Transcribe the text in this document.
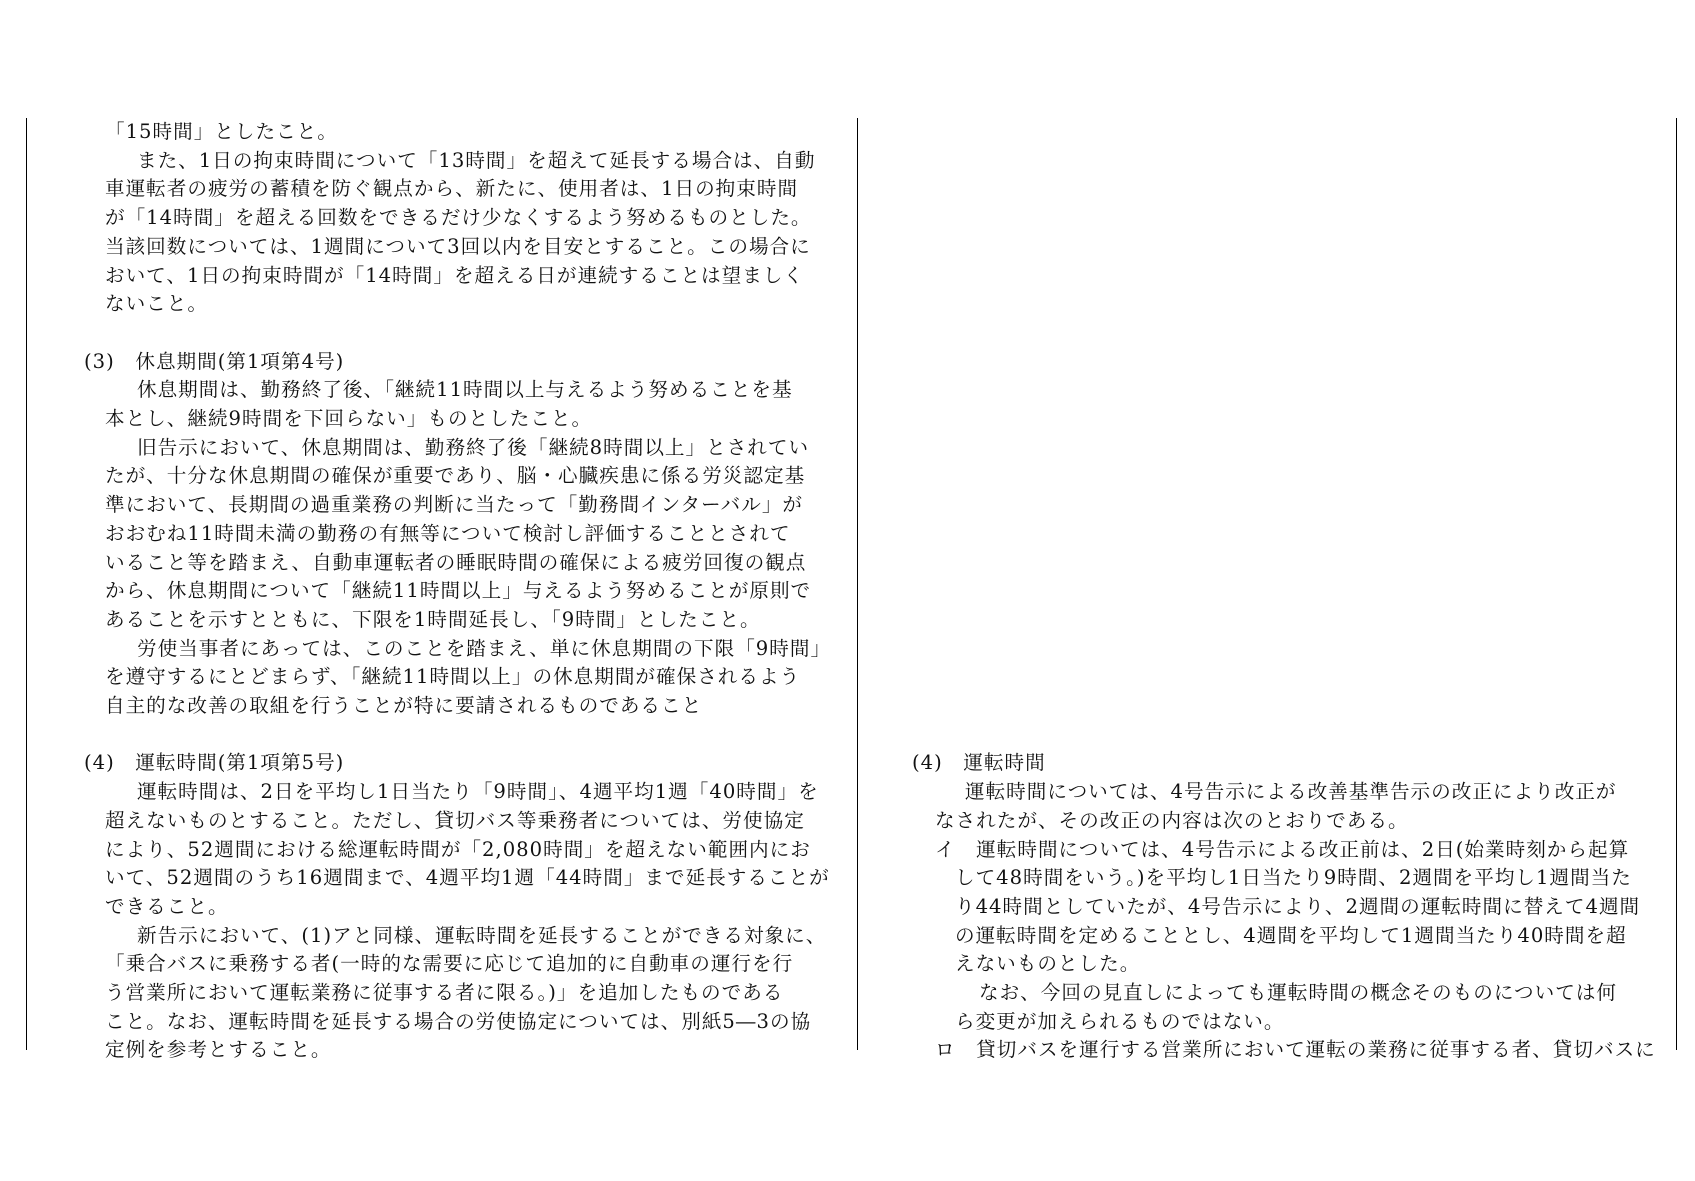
「15時間」としたこと。
また、1日の拘束時間について「13時間」を超えて延長する場合は、自動
車運転者の疲労の蓄積を防ぐ観点から、新たに、使用者は、1日の拘束時間
が「14時間」を超える回数をできるだけ少なくするよう努めるものとした。
当該回数については、1週間について3回以内を目安とすること。この場合に
おいて、1日の拘束時間が「14時間」を超える日が連続することは望ましく
ないこと。
(3)　休息期間(第1項第4号)
休息期間は、勤務終了後、「継続11時間以上与えるよう努めることを基
本とし、継続9時間を下回らない」ものとしたこと。
旧告示において、休息期間は、勤務終了後「継続8時間以上」とされてい
たが、十分な休息期間の確保が重要であり、脳・心臓疾患に係る労災認定基
準において、長期間の過重業務の判断に当たって「勤務間インターバル」が
おおむね11時間未満の勤務の有無等について検討し評価することとされて
いること等を踏まえ、自動車運転者の睡眠時間の確保による疲労回復の観点
から、休息期間について「継続11時間以上」与えるよう努めることが原則で
あることを示すとともに、下限を1時間延長し、「9時間」としたこと。
労使当事者にあっては、このことを踏まえ、単に休息期間の下限「9時間」
を遵守するにとどまらず、「継続11時間以上」の休息期間が確保されるよう
自主的な改善の取組を行うことが特に要請されるものであること
(4)　運転時間(第1項第5号)
運転時間は、2日を平均し1日当たり「9時間」、4週平均1週「40時間」を
超えないものとすること。ただし、貸切バス等乗務者については、労使協定
により、52週間における総運転時間が「2,080時間」を超えない範囲内にお
いて、52週間のうち16週間まで、4週平均1週「44時間」まで延長することが
できること。
新告示において、(1)アと同様、運転時間を延長することができる対象に、
「乗合バスに乗務する者(一時的な需要に応じて追加的に自動車の運行を行
う営業所において運転業務に従事する者に限る。)」を追加したものである
こと。なお、運転時間を延長する場合の労使協定については、別紙5―3の協
定例を参考とすること。
(4)　運転時間
運転時間については、4号告示による改善基準告示の改正により改正が
なされたが、その改正の内容は次のとおりである。
イ　運転時間については、4号告示による改正前は、2日(始業時刻から起算
して48時間をいう。)を平均し1日当たり9時間、2週間を平均し1週間当た
り44時間としていたが、4号告示により、2週間の運転時間に替えて4週間
の運転時間を定めることとし、4週間を平均して1週間当たり40時間を超
えないものとした。
なお、今回の見直しによっても運転時間の概念そのものについては何
ら変更が加えられるものではない。
ロ　貸切バスを運行する営業所において運転の業務に従事する者、貸切バスに
